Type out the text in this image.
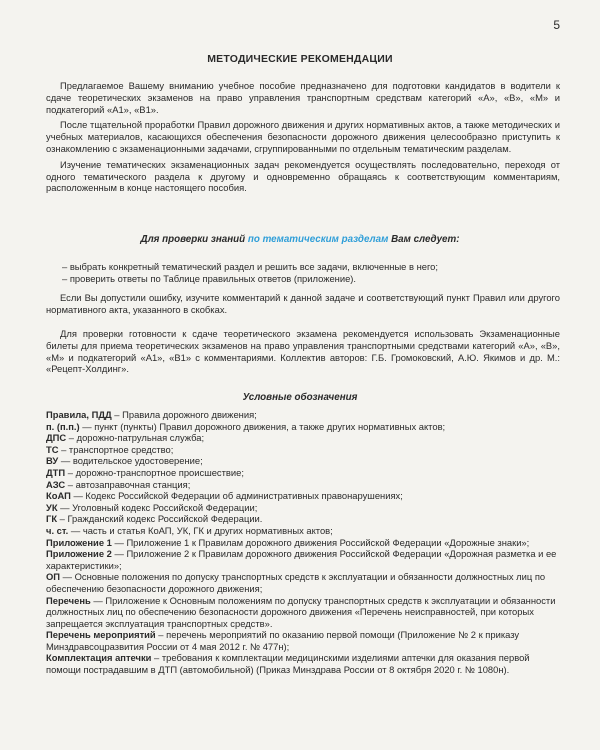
5
МЕТОДИЧЕСКИЕ РЕКОМЕНДАЦИИ

Предлагаемое Вашему вниманию учебное пособие предназначено для подготовки кандидатов в водители к сдаче теоретических экзаменов на право управления транспортным средствам категорий «А», «В», «М» и подкатегорий «А1», «В1».

После тщательной проработки Правил дорожного движения и других нормативных актов, а также методических и учебных материалов, касающихся обеспечения безопасности дорожного движения целесообразно приступить к ознакомлению с экзаменационными задачами, сгруппированными по отдельным тематическим разделам.

Изучение тематических экзаменационных задач рекомендуется осуществлять последовательно, переходя от одного тематического раздела к другому и одновременно обращаясь к соответствующим комментариям, расположенным в конце настоящего пособия.

Для проверки знаний по тематическим разделам Вам следует:
– выбрать конкретный тематический раздел и решить все задачи, включенные в него;
– проверить ответы по Таблице правильных ответов (приложение).

Если Вы допустили ошибку, изучите комментарий к данной задаче и соответствующий пункт Правил или другого нормативного акта, указанного в скобках.

Для проверки готовности к сдаче теоретического экзамена рекомендуется использовать Экзаменационные билеты для приема теоретических экзаменов на право управления транспортными средствами категорий «А», «В», «М» и подкатегорий «А1», «В1» с комментариями. Коллектив авторов: Г.Б. Громоковский, А.Ю. Якимов и др. М.: «Рецепт-Холдинг».

Условные обозначения
Правила, ПДД – Правила дорожного движения;
п. (п.п.) — пункт (пункты) Правил дорожного движения, а также других нормативных актов;
ДПС – дорожно-патрульная служба;
ТС – транспортное средство;
ВУ — водительское удостоверение;
ДТП – дорожно-транспортное происшествие;
АЗС – автозаправочная станция;
КоАП — Кодекс Российской Федерации об административных правонарушениях;
УК — Уголовный кодекс Российской Федерации;
ГК – Гражданский кодекс Российской Федерации.
ч. ст. — часть и статья КоАП, УК, ГК и других нормативных актов;
Приложение 1 — Приложение 1 к Правилам дорожного движения Российской Федерации «Дорожные знаки»;
Приложение 2 — Приложение 2 к Правилам дорожного движения Российской Федерации «Дорожная разметка и ее характеристики»;
ОП — Основные положения по допуску транспортных средств к эксплуатации и обязанности должностных лиц по обеспечению безопасности дорожного движения;
Перечень — Приложение к Основным положениям по допуску транспортных средств к эксплуатации и обязанности должностных лиц по обеспечению безопасности дорожного движения «Перечень неисправностей, при которых запрещается эксплуатация транспортных средств».
Перечень мероприятий – перечень мероприятий по оказанию первой помощи (Приложение № 2 к приказу Минздравсоцразвития России от 4 мая 2012 г. № 477н);
Комплектация аптечки – требования к комплектации медицинскими изделиями аптечки для оказания первой помощи пострадавшим в ДТП (автомобильной) (Приказ Минздрава России от 8 октября 2020 г. № 1080н).
